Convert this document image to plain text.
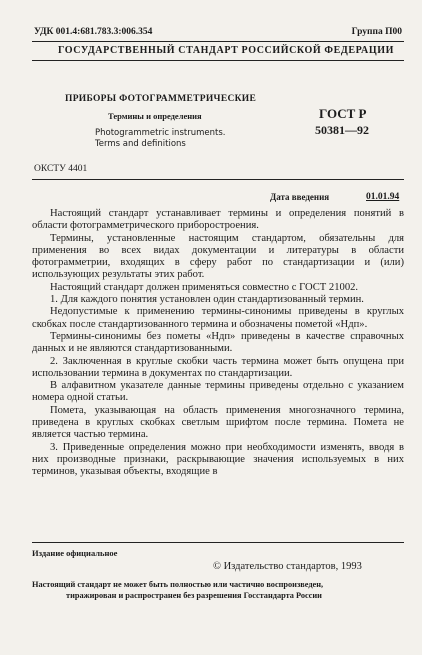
УДК 001.4:681.783.3:006.354	Группа П00
ГОСУДАРСТВЕННЫЙ СТАНДАРТ РОССИЙСКОЙ ФЕДЕРАЦИИ
ПРИБОРЫ ФОТОГРАММЕТРИЧЕСКИЕ
Термины и определения
Photogrammetric instruments.
Terms and definitions
ГОСТ Р
50381—92
ОКСТУ 4401
Дата введения	01.01.94

Настоящий стандарт устанавливает термины и определения понятий в области фотограмметрического приборостроения.

Термины, установленные настоящим стандартом, обязательны для применения во всех видах документации и литературы в области фотограмметрии, входящих в сферу работ по стандартизации и (или) использующих результаты этих работ.

Настоящий стандарт должен применяться совместно с ГОСТ 21002.

1. Для каждого понятия установлен один стандартизованный термин.

Недопустимые к применению термины-синонимы приведены в круглых скобках после стандартизованного термина и обозначены пометой «Ндп».

Термины-синонимы без пометы «Ндп» приведены в качестве справочных данных и не являются стандартизованными.

2. Заключенная в круглые скобки часть термина может быть опущена при использовании термина в документах по стандартизации.

В алфавитном указателе данные термины приведены отдельно с указанием номера одной статьи.

Помета, указывающая на область применения многозначного термина, приведена в круглых скобках светлым шрифтом после термина. Помета не является частью термина.

3. Приведенные определения можно при необходимости изменять, вводя в них производные признаки, раскрывающие значения используемых в них терминов, указывая объекты, входящие в

Издание официальное
© Издательство стандартов, 1993
Настоящий стандарт не может быть полностью или частично воспроизведен,
тиражирован и распространен без разрешения Госстандарта России
